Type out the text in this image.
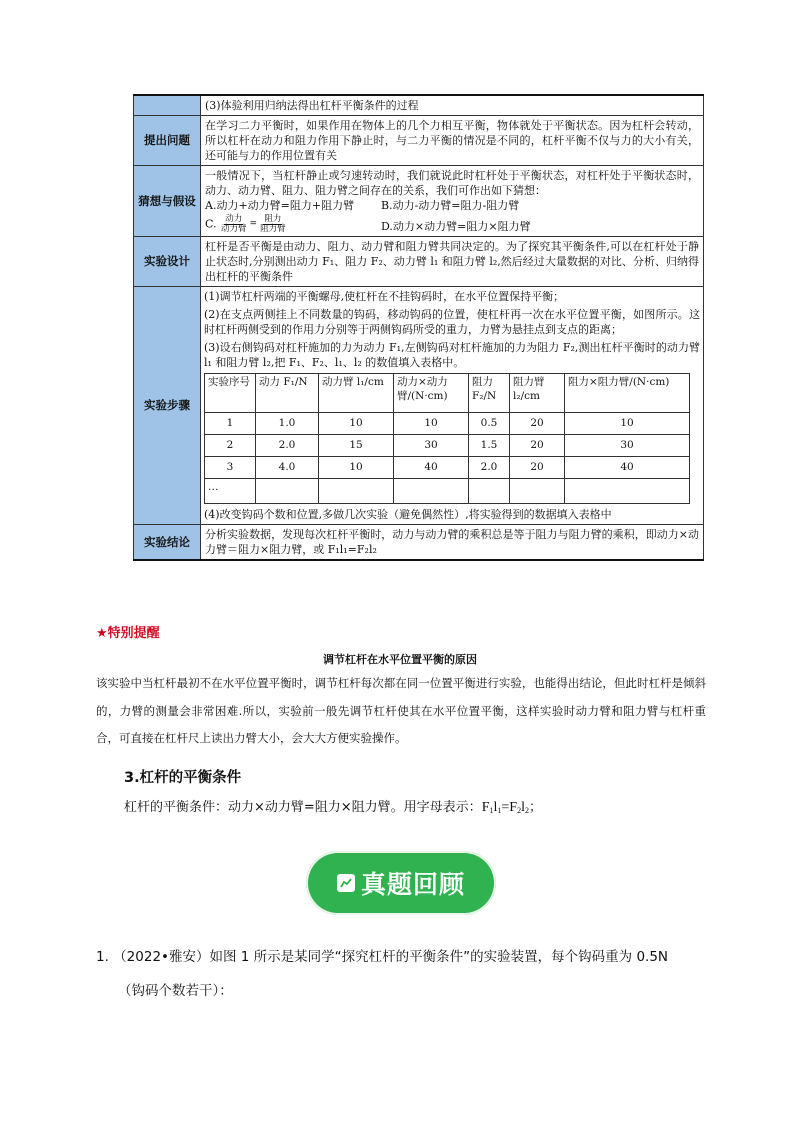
	(3)体验利用归纳法得出杠杆平衡条件的过程
提出问题	在学习二力平衡时，如果作用在物体上的几个力相互平衡，物体就处于平衡状态。因为杠杆会转动，所以杠杆在动力和阻力作用下静止时，与二力平衡的情况是不同的，杠杆平衡不仅与力的大小有关，还可能与力的作用位置有关
猜想与假设	
一般情况下，当杠杆静止或匀速转动时，我们就说此时杠杆处于平衡状态，对杠杆处于平衡状态时，动力、动力臂、阻力、阻力臂之间存在的关系，我们可作出如下猜想：
A.动力+动力臂=阻力+阻力臂	B.动力-动力臂=阻力-阻力臂
C. $\frac{\text{动力}}{\text{动力臂}} = \frac{\text{阻力}}{\text{阻力臂}}$	D.动力×动力臂=阻力×阻力臂

实验设计	杠杆是否平衡是由动力、阻力、动力臂和阻力臂共同决定的。为了探究其平衡条件,可以在杠杆处于静止状态时,分别测出动力 F₁、阻力 F₂、动力臂 l₁ 和阻力臂 l₂,然后经过大量数据的对比、分析、归纳得出杠杆的平衡条件
实验步骤	

(1)调节杠杆两端的平衡螺母,使杠杆在不挂钩码时，在水平位置保持平衡；

(2)在支点两侧挂上不同数量的钩码，移动钩码的位置，使杠杆再一次在水平位置平衡，如图所示。这时杠杆两侧受到的作用力分别等于两侧钩码所受的重力，力臂为悬挂点到支点的距离；

(3)设右侧钩码对杠杆施加的力为动力 F₁,左侧钩码对杠杆施加的力为阻力 F₂,测出杠杆平衡时的动力臂 l₁ 和阻力臂 l₂,把 F₁、F₂、l₁、l₂ 的数值填入表格中。

实验序号	动力 F₁/N	动力臂 l₁/cm	动力×动力臂/(N·cm)	阻力 F₂/N	阻力臂 l₂/cm	阻力×阻力臂/(N·cm)
1	1.0	10	10	0.5	20	10
2	2.0	15	30	1.5	20	30
3	4.0	10	40	2.0	20	40
…						

(4)改变钩码个数和位置,多做几次实验（避免偶然性）,将实验得到的数据填入表格中

实验结论	分析实验数据，发现每次杠杆平衡时，动力与动力臂的乘积总是等于阻力与阻力臂的乘积，即动力×动力臂＝阻力×阻力臂，或 F₁l₁=F₂l₂
★特别提醒
调节杠杆在水平位置平衡的原因
该实验中当杠杆最初不在水平位置平衡时，调节杠杆每次都在同一位置平衡进行实验，也能得出结论，但此时杠杆是倾斜的，力臂的测量会非常困难.所以，实验前一般先调节杠杆使其在水平位置平衡，这样实验时动力臂和阻力臂与杠杆重合，可直接在杠杆尺上读出力臂大小，会大大方便实验操作。
3.杠杆的平衡条件
杠杆的平衡条件：动力×动力臂=阻力×阻力臂。用字母表示：$F_1l_1=F_2l_2$；
真题回顾
1. （2022•雅安）如图 1 所示是某同学“探究杠杆的平衡条件”的实验装置，每个钩码重为 0.5N
（钩码个数若干）：
